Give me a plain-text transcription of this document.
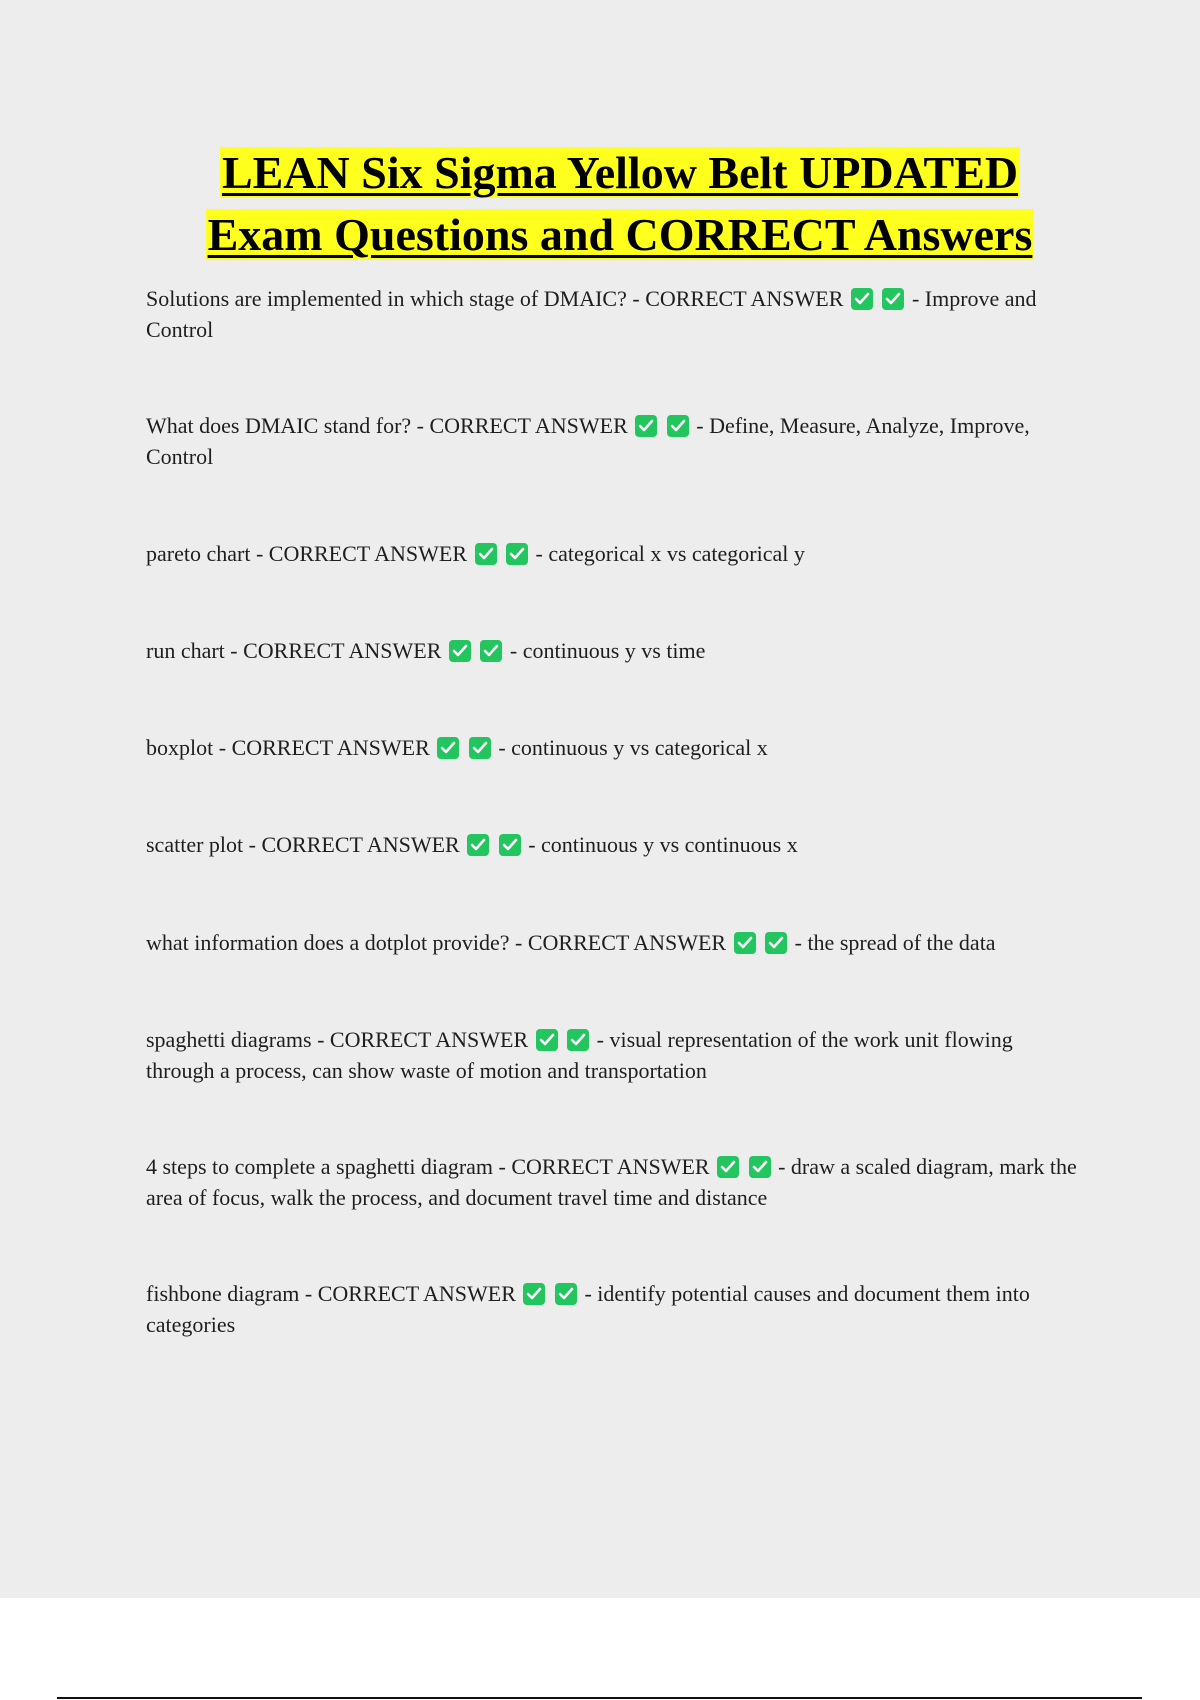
LEAN Six Sigma Yellow Belt UPDATED
Exam Questions and CORRECT Answers

Solutions are implemented in which stage of DMAIC? - CORRECT ANSWER
	- Improve and Control

What does DMAIC stand for? - CORRECT ANSWER
	- Define, Measure, Analyze, Improve, Control

pareto chart - CORRECT ANSWER
	- categorical x vs categorical y

run chart - CORRECT ANSWER
	- continuous y vs time

boxplot - CORRECT ANSWER
	- continuous y vs categorical x

scatter plot - CORRECT ANSWER
	- continuous y vs continuous x

what information does a dotplot provide? - CORRECT ANSWER
	- the spread of the data

spaghetti diagrams - CORRECT ANSWER
	- visual representation of the work unit flowing through a process, can show waste of motion and transportation

4 steps to complete a spaghetti diagram - CORRECT ANSWER
	- draw a scaled diagram, mark the area of focus, walk the process, and document travel time and distance

fishbone diagram - CORRECT ANSWER
	- identify potential causes and document them into categories
